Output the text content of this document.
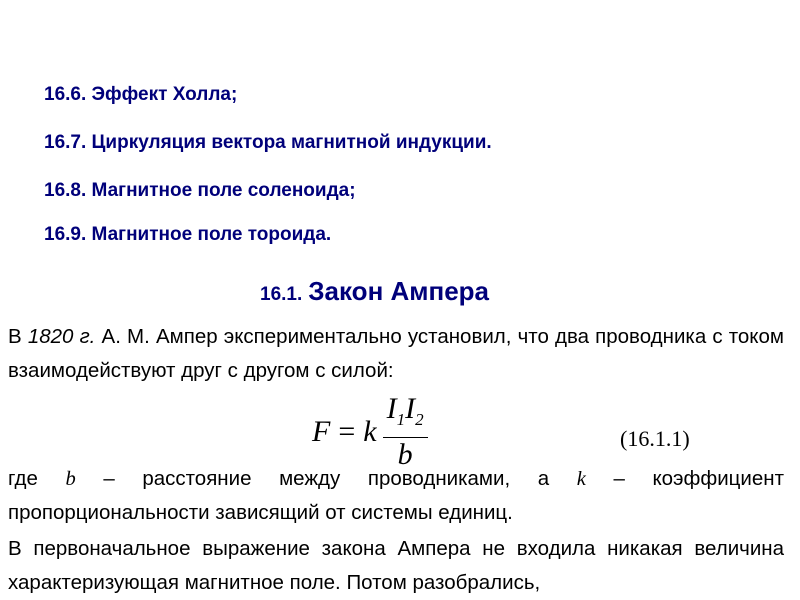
16.6. Эффект Холла;
16.7. Циркуляция вектора магнитной индукции.
16.8. Магнитное поле соленоида;
16.9. Магнитное поле тороида.
16.1. Закон Ампера
В 1820 г. А. М. Ампер экспериментально установил, что два проводника с током взаимодействуют друг с другом с силой:
F = k $\frac{I_1I_2}{b}$	(16.1.1)
где b – расстояние между проводниками, а k – коэффициент пропорциональности зависящий от системы единиц.
В первоначальное выражение закона Ампера не входила никакая величина характеризующая магнитное поле. Потом разобрались,
